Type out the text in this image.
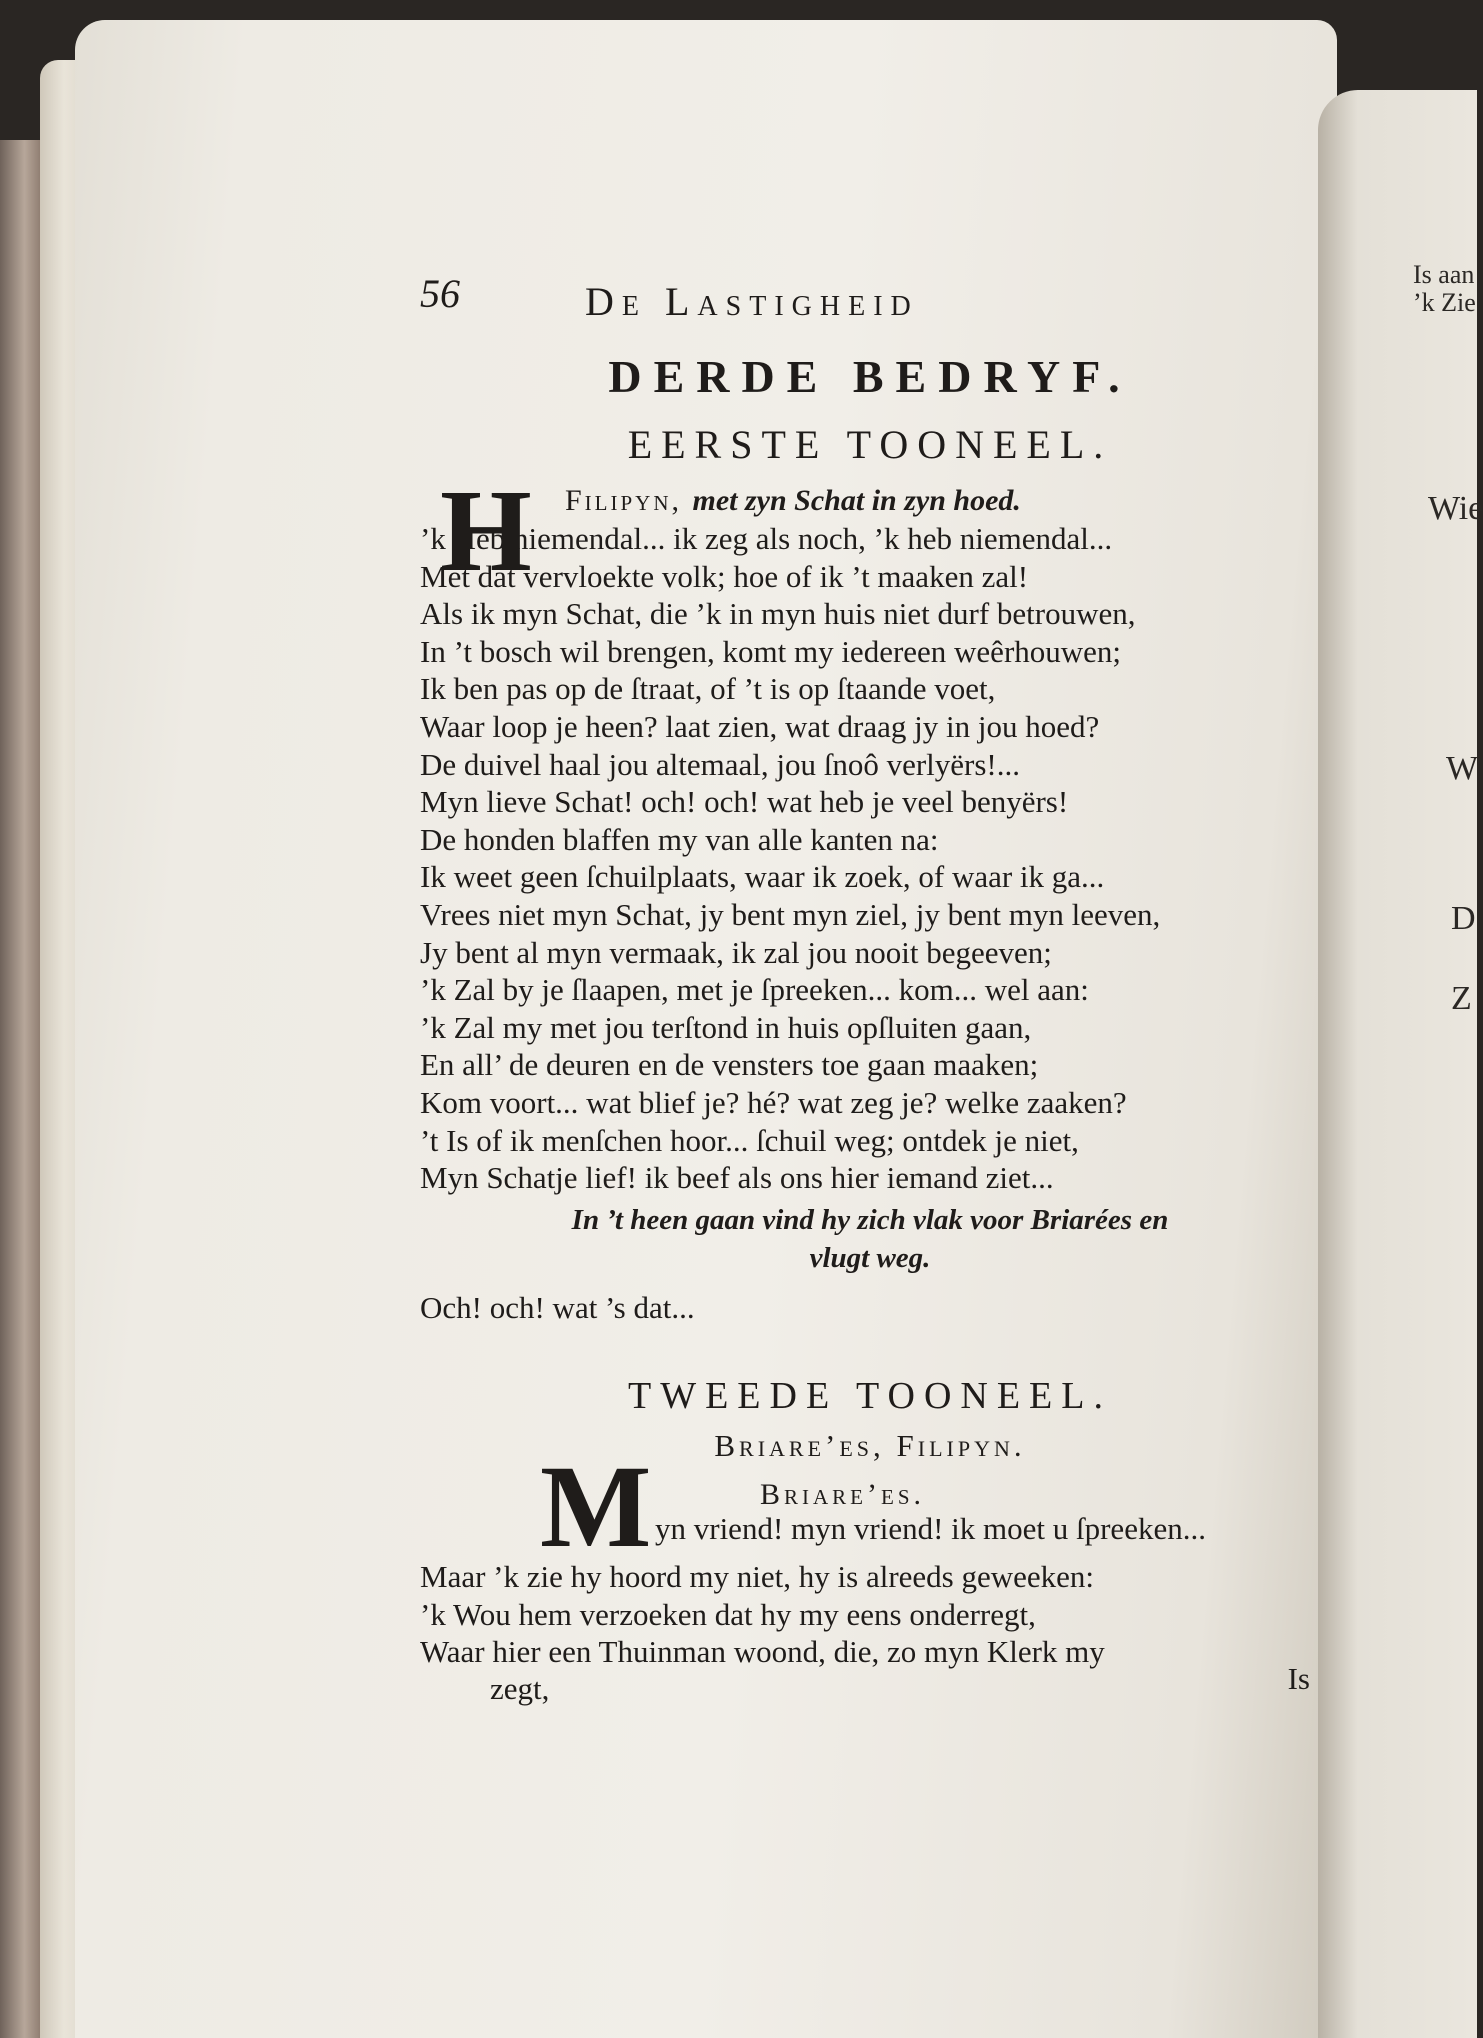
Is aan
’k Zie
Wie
W
D
Z
56	De Lastigheid
DERDE BEDRYF.
EERSTE TOONEEL.
H Filipyn, met zyn Schat in zyn hoed.
’k Heb niemendal... ik zeg als noch, ’k heb niemendal...
Met dat vervloekte volk; hoe of ik ’t maaken zal!
Als ik myn Schat, die ’k in myn huis niet durf betrouwen,
In ’t bosch wil brengen, komt my iedereen weêrhouwen;
Ik ben pas op de ſtraat, of ’t is op ſtaande voet,
Waar loop je heen? laat zien, wat draag jy in jou hoed?
De duivel haal jou altemaal, jou ſnoô verlyërs!...
Myn lieve Schat! och! och! wat heb je veel benyërs!
De honden blaffen my van alle kanten na:
Ik weet geen ſchuilplaats, waar ik zoek, of waar ik ga...
Vrees niet myn Schat, jy bent myn ziel, jy bent myn leeven,
Jy bent al myn vermaak, ik zal jou nooit begeeven;
’k Zal by je ſlaapen, met je ſpreeken... kom... wel aan:
’k Zal my met jou terſtond in huis opſluiten gaan,
En all’ de deuren en de vensters toe gaan maaken;
Kom voort... wat blief je? hé? wat zeg je? welke zaaken?
’t Is of ik menſchen hoor... ſchuil weg; ontdek je niet,
Myn Schatje lief! ik beef als ons hier iemand ziet...
In ’t heen gaan vind hy zich vlak voor Briarées en
vlugt weg.
Och! och! wat ’s dat...
TWEEDE TOONEEL.
Briare’es, Filipyn.
Briare’es.
M yn vriend! myn vriend! ik moet u ſpreeken...
Maar ’k zie hy hoord my niet, hy is alreeds geweeken:
’k Wou hem verzoeken dat hy my eens onderregt,
Waar hier een Thuinman woond, die, zo myn Klerk my
zegt,	Is
